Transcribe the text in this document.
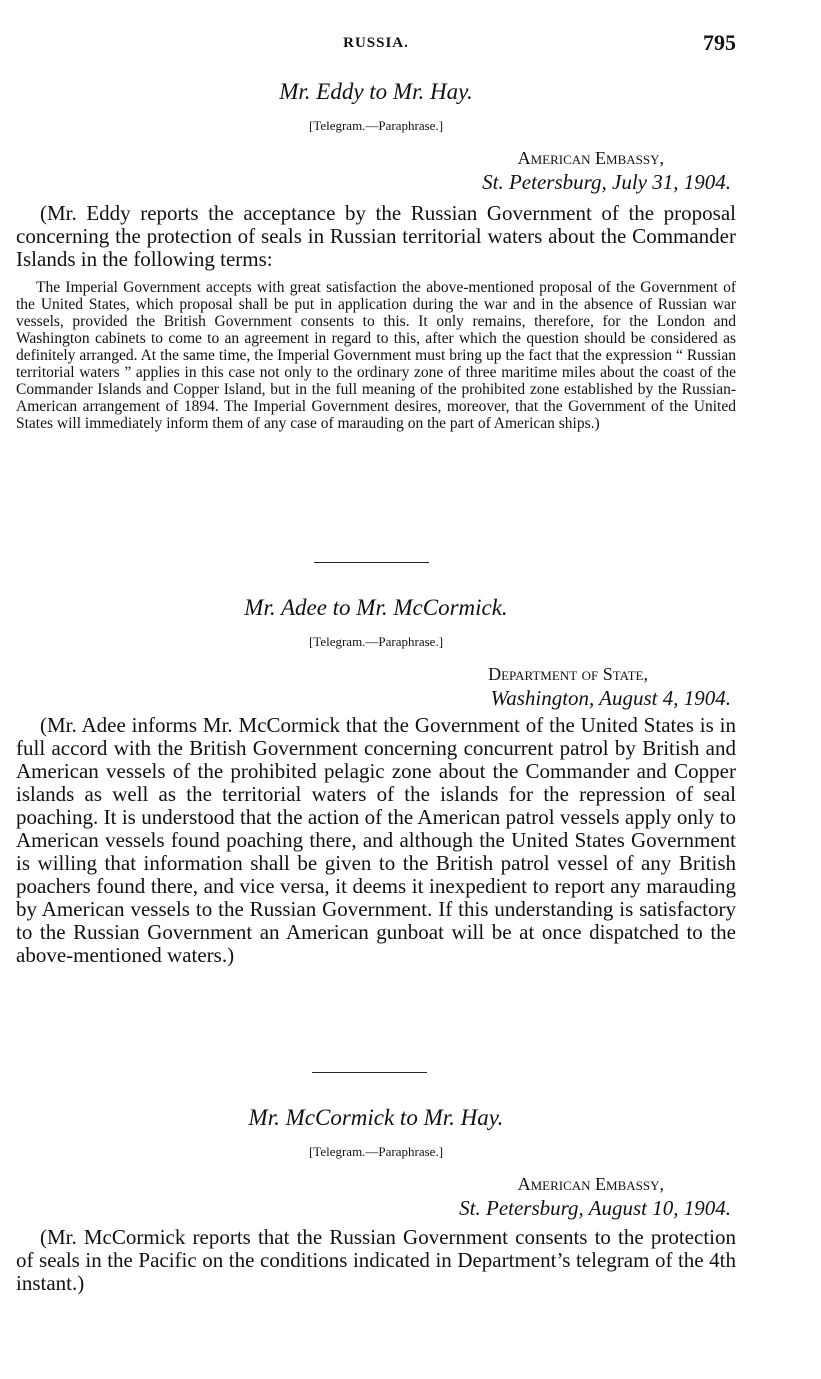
RUSSIA.	795

Mr. Eddy to Mr. Hay.

[Telegram.—Paraphrase.]

American Embassy,

St. Petersburg, July 31, 1904.

(Mr. Eddy reports the acceptance by the Russian Government of the proposal concerning the protection of seals in Russian territorial waters about the Commander Islands in the following terms:

The Imperial Government accepts with great satisfaction the above-mentioned proposal of the Government of the United States, which proposal shall be put in application during the war and in the absence of Russian war vessels, provided the British Government consents to this. It only remains, therefore, for the London and Washington cabinets to come to an agreement in regard to this, after which the question should be considered as definitely arranged. At the same time, the Imperial Government must bring up the fact that the expression “ Russian territorial waters ” applies in this case not only to the ordinary zone of three maritime miles about the coast of the Commander Islands and Copper Island, but in the full meaning of the prohibited zone established by the Russian-American arrangement of 1894. The Imperial Government desires, moreover, that the Government of the United States will immediately inform them of any case of marauding on the part of American ships.)

Mr. Adee to Mr. McCormick.

[Telegram.—Paraphrase.]

Department of State,

Washington, August 4, 1904.

(Mr. Adee informs Mr. McCormick that the Government of the United States is in full accord with the British Government concerning concurrent patrol by British and American vessels of the prohibited pelagic zone about the Commander and Copper islands as well as the territorial waters of the islands for the repression of seal poaching. It is understood that the action of the American patrol vessels apply only to American vessels found poaching there, and although the United States Government is willing that information shall be given to the British patrol vessel of any British poachers found there, and vice versa, it deems it inexpedient to report any marauding by American vessels to the Russian Government. If this understanding is satisfactory to the Russian Government an American gunboat will be at once dispatched to the above-mentioned waters.)

Mr. McCormick to Mr. Hay.

[Telegram.—Paraphrase.]

American Embassy,

St. Petersburg, August 10, 1904.

(Mr. McCormick reports that the Russian Government consents to the protection of seals in the Pacific on the conditions indicated in Department’s telegram of the 4th instant.)
